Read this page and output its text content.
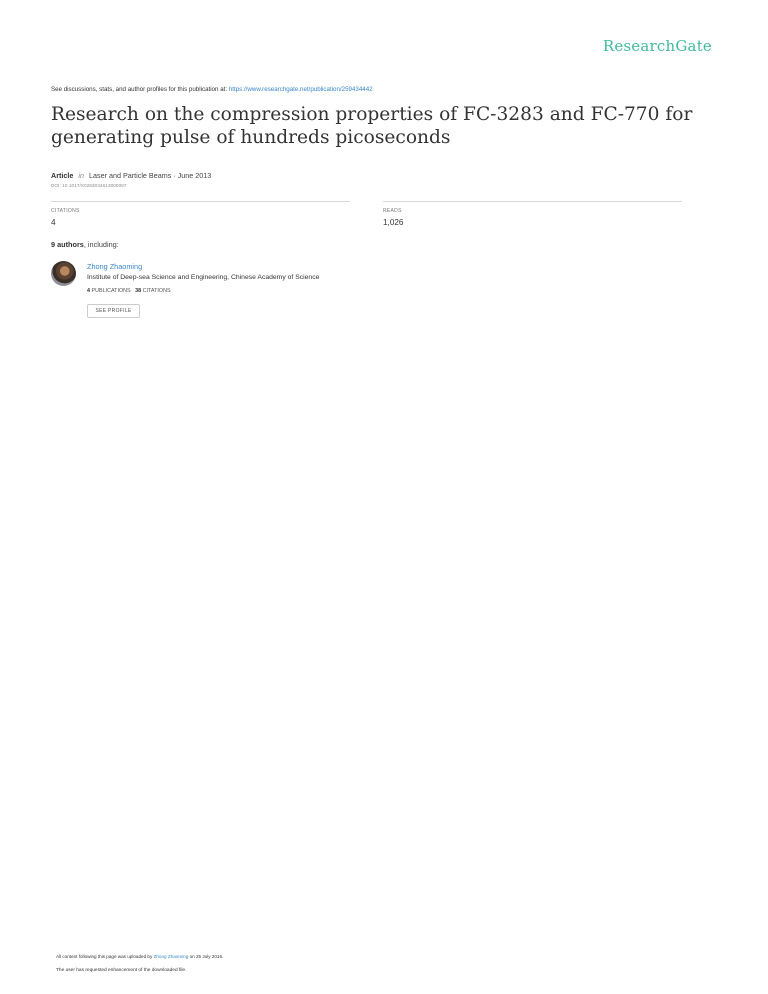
ResearchGate
See discussions, stats, and author profiles for this publication at: https://www.researchgate.net/publication/259434442
Research on the compression properties of FC-3283 and FC-770 for generating pulse of hundreds picoseconds
Article in Laser and Particle Beams · June 2013
DOI: 10.1017/S0263034613000097
CITATIONS
4
READS
1,026
9 authors, including:
Zhong Zhaoming
Institute of Deep-sea Science and Engineering, Chinese Academy of Science
4 PUBLICATIONS 38 CITATIONS
SEE PROFILE
All content following this page was uploaded by Zhong Zhaoming on 25 July 2016.
The user has requested enhancement of the downloaded file.
